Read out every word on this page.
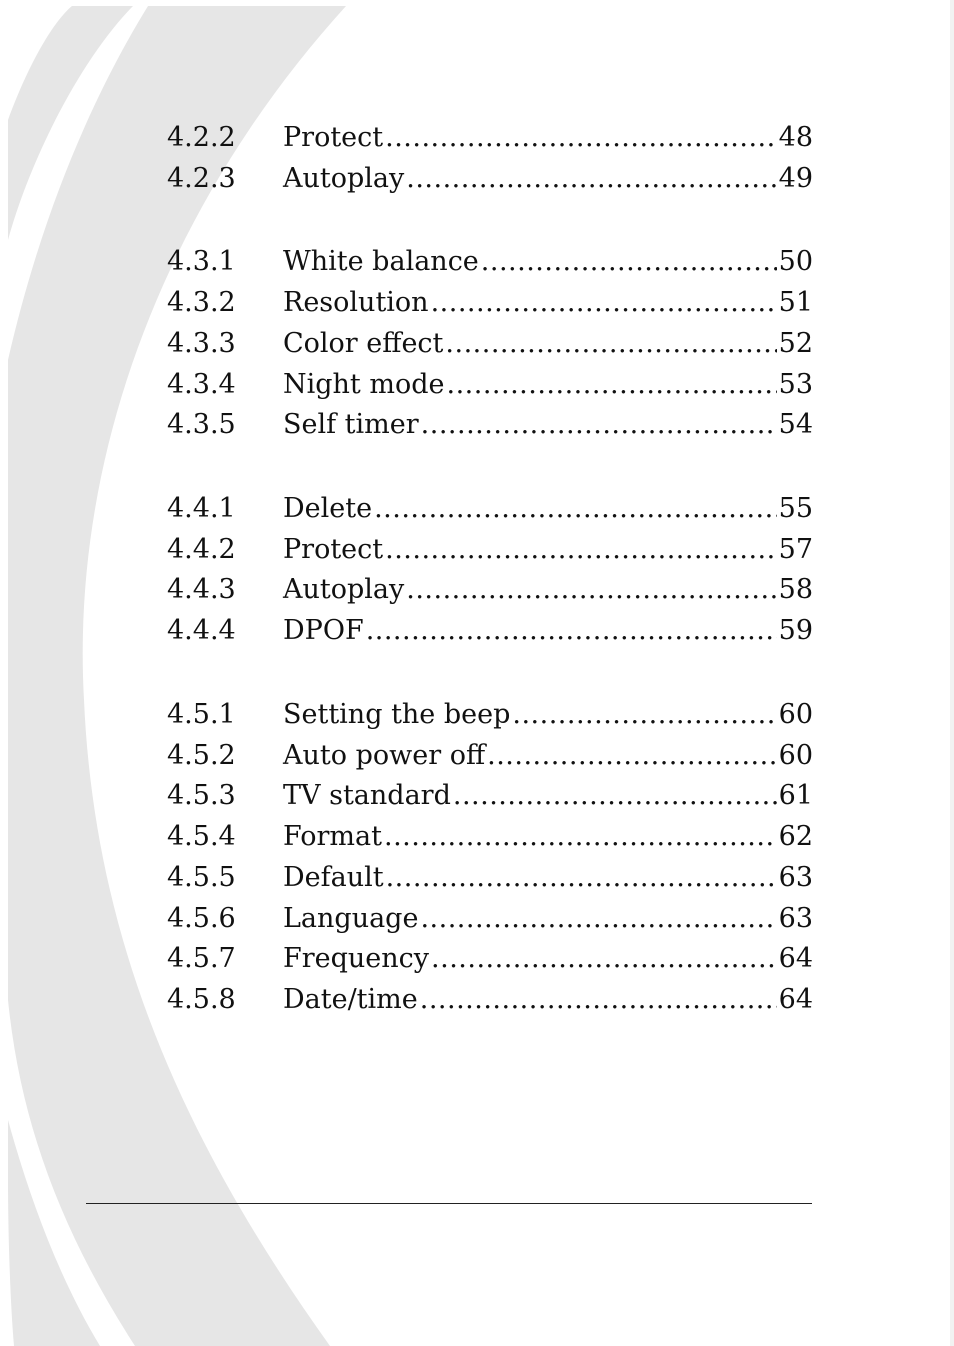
4.2.2	Protect .....	48
4.2.3	Autoplay .....	49
4.3.1	White balance .....	50
4.3.2	Resolution .....	51
4.3.3	Color effect .....	52
4.3.4	Night mode .....	53
4.3.5	Self timer .....	54
4.4.1	Delete .....	55
4.4.2	Protect .....	57
4.4.3	Autoplay .....	58
4.4.4	DPOF .....	59
4.5.1	Setting the beep .....	60
4.5.2	Auto power off .....	60
4.5.3	TV standard .....	61
4.5.4	Format .....	62
4.5.5	Default .....	63
4.5.6	Language .....	63
4.5.7	Frequency .....	64
4.5.8	Date/time .....	64
